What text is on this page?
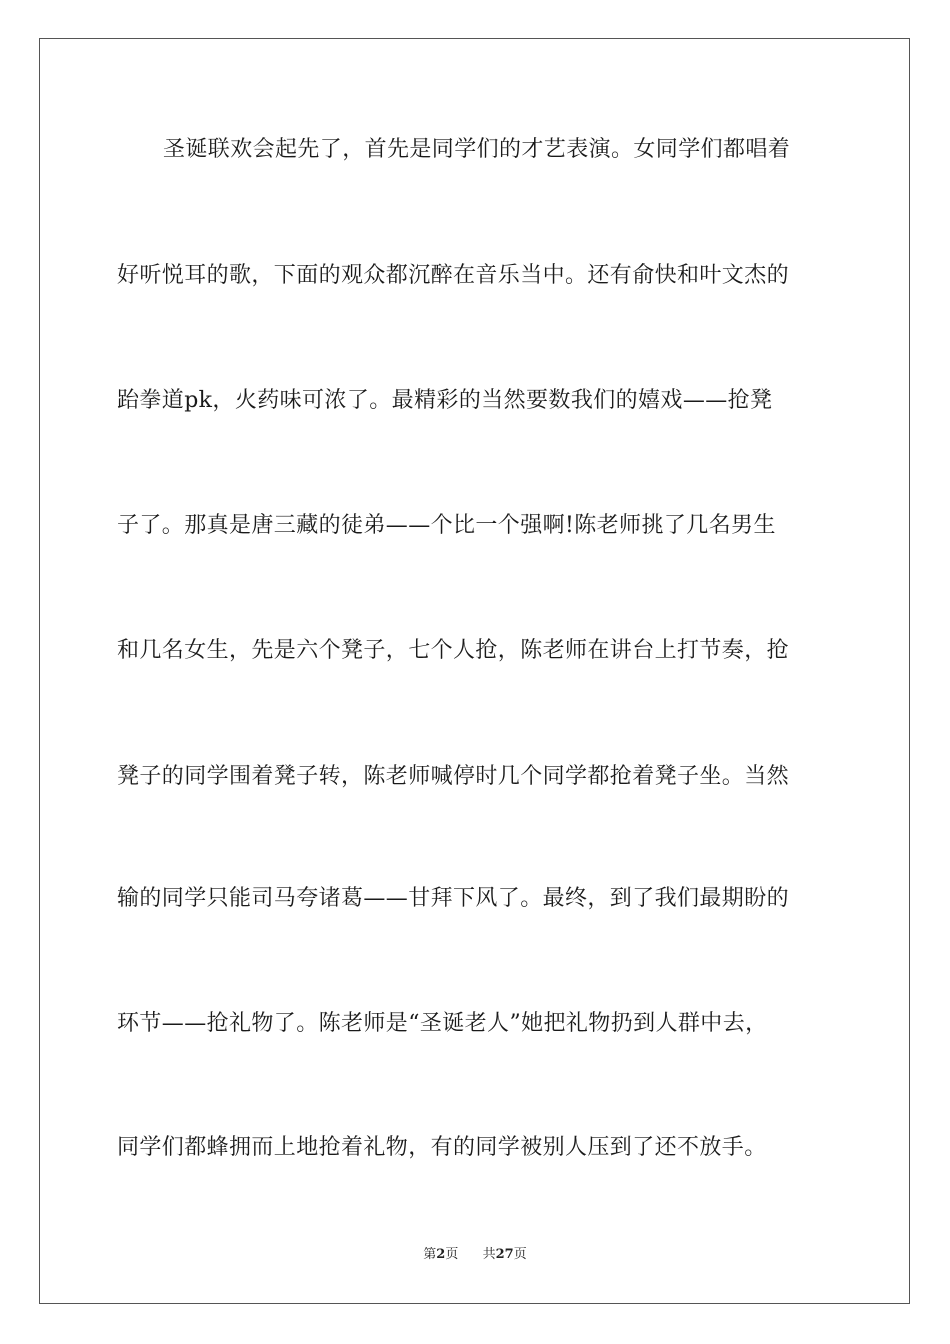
圣诞联欢会起先了，首先是同学们的才艺表演。女同学们都唱着
好听悦耳的歌，下面的观众都沉醉在音乐当中。还有俞快和叶文杰的
跆拳道pk，火药味可浓了。最精彩的当然要数我们的嬉戏——抢凳
子了。那真是唐三藏的徒弟——个比一个强啊!陈老师挑了几名男生
和几名女生，先是六个凳子，七个人抢，陈老师在讲台上打节奏，抢
凳子的同学围着凳子转，陈老师喊停时几个同学都抢着凳子坐。当然
输的同学只能司马夸诸葛——甘拜下风了。最终，到了我们最期盼的
环节——抢礼物了。陈老师是“圣诞老人”她把礼物扔到人群中去，
同学们都蜂拥而上地抢着礼物，有的同学被别人压到了还不放手。
第2页 共27页
